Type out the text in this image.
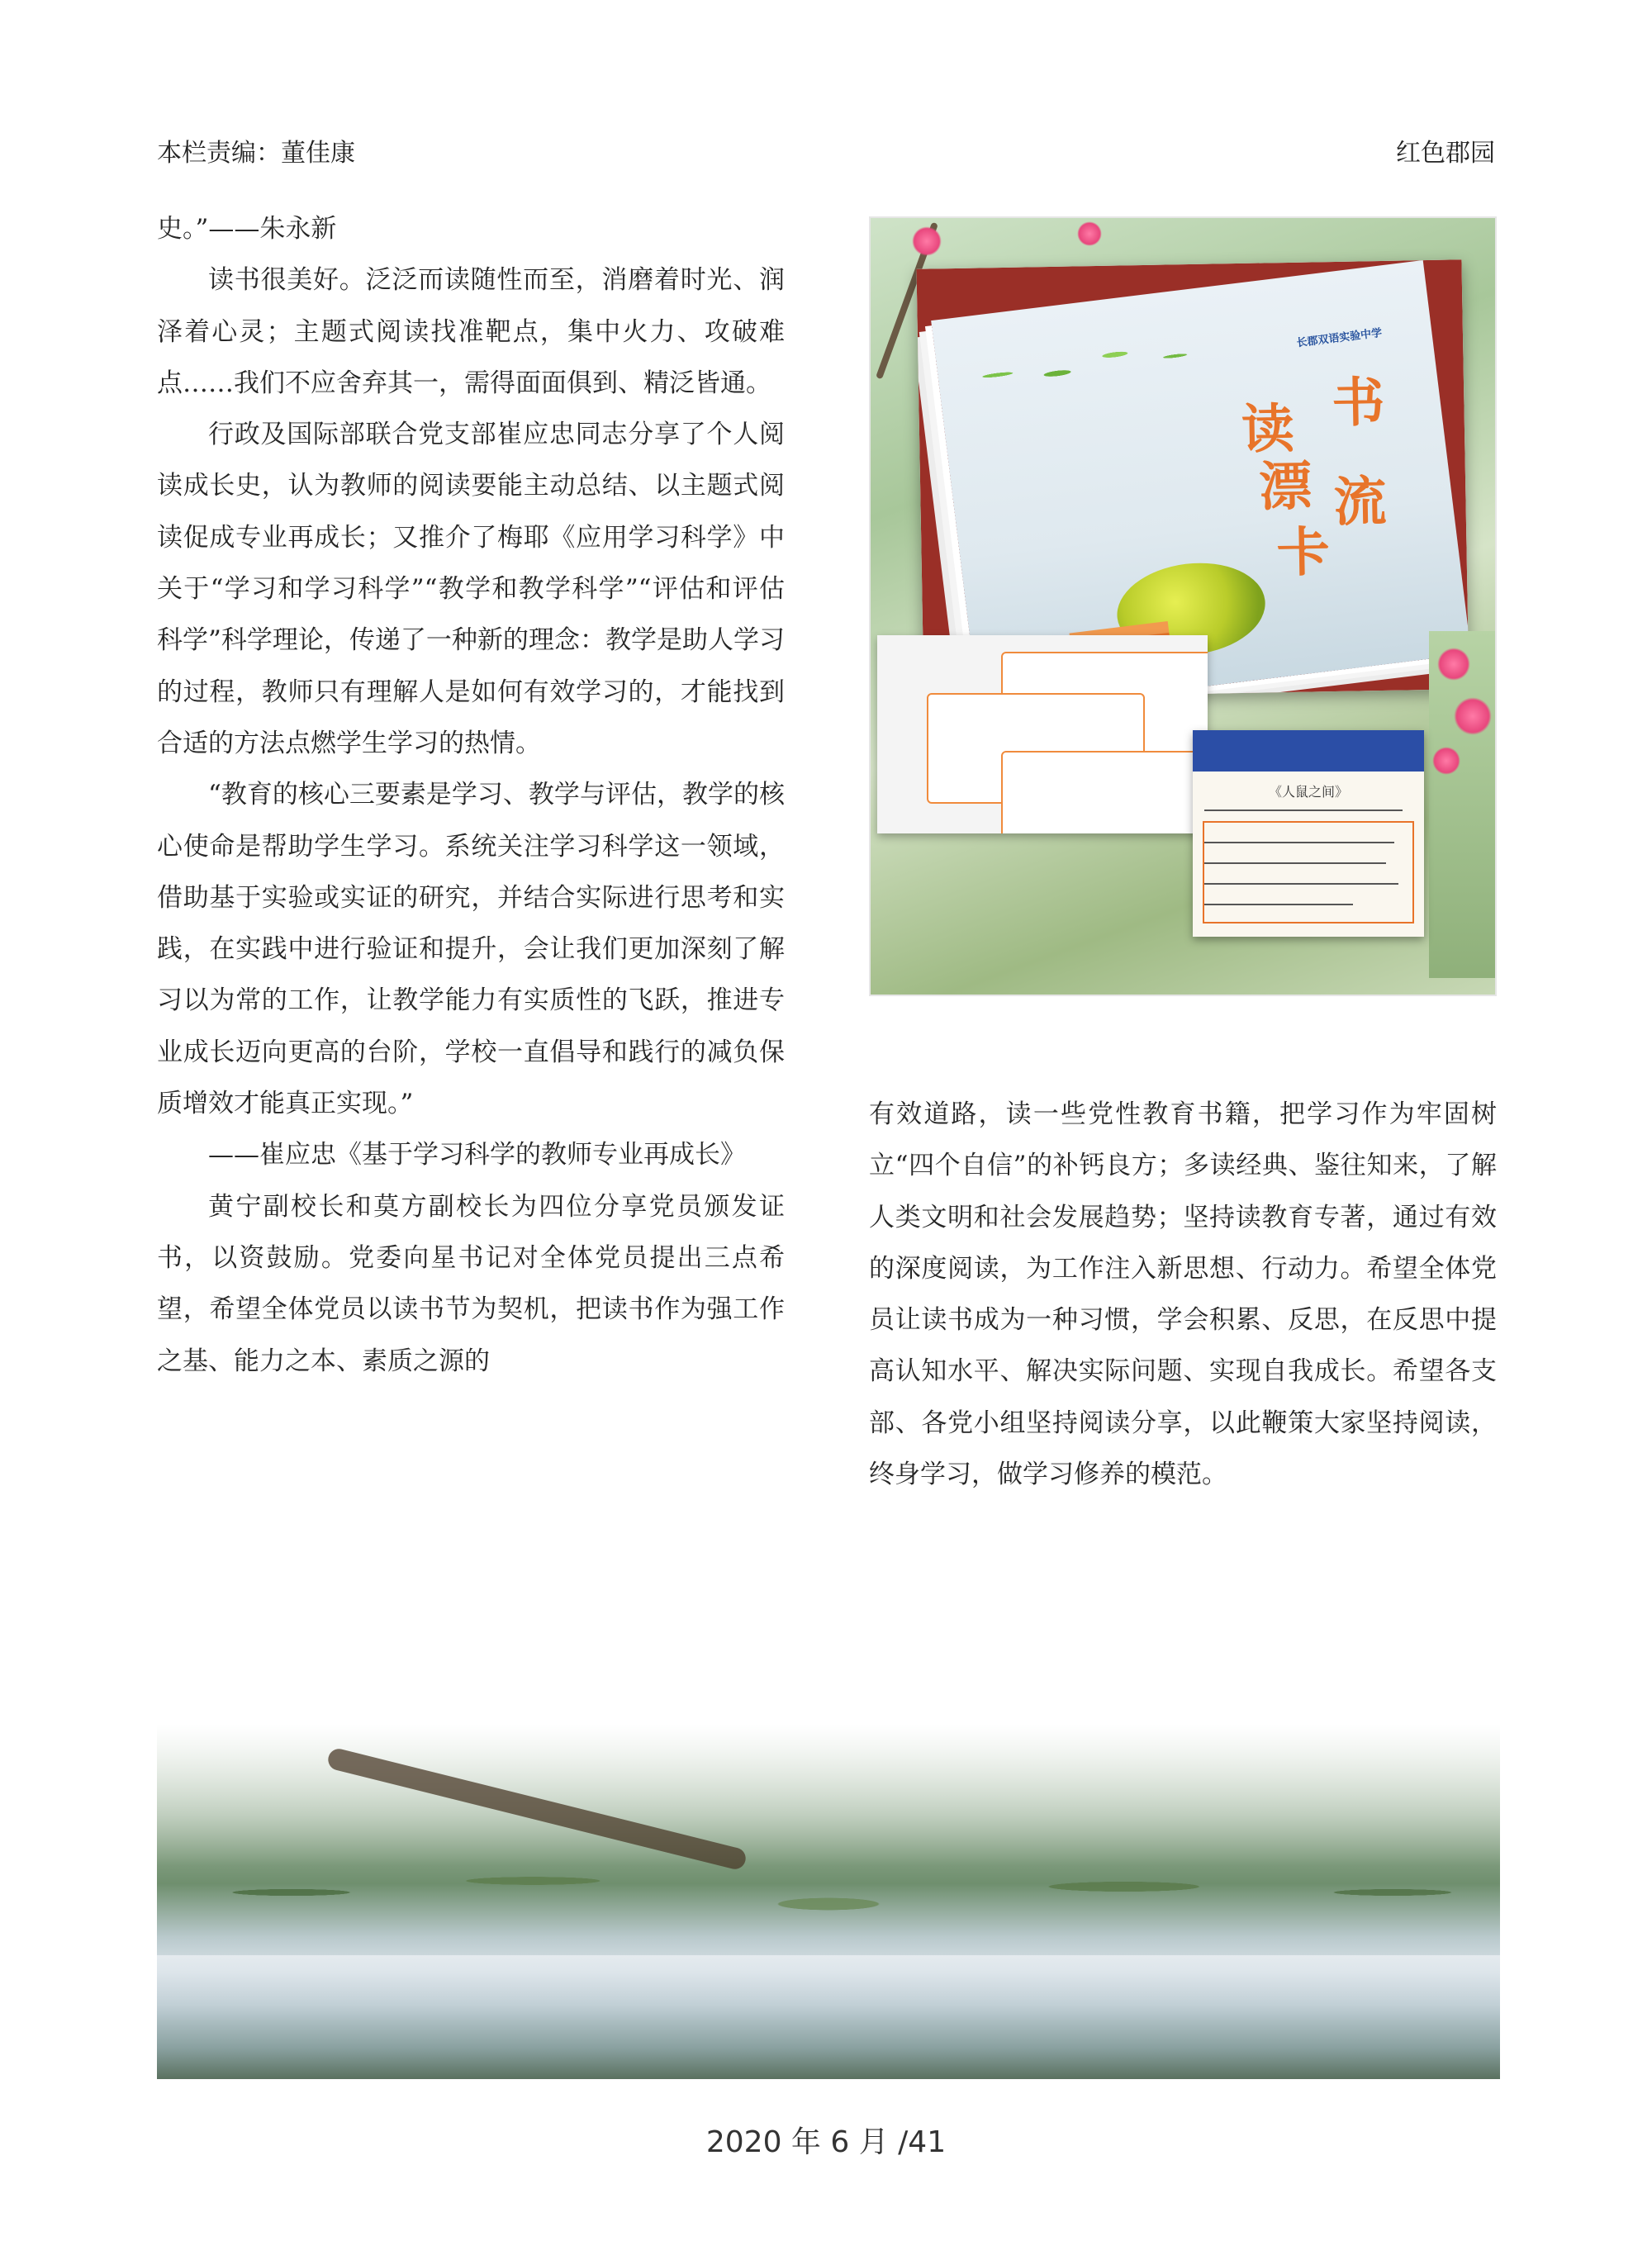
本栏责编：董佳康	红色郡园

史。”——朱永新

读书很美好。泛泛而读随性而至，消磨着时光、润泽着心灵；主题式阅读找准靶点，集中火力、攻破难点……我们不应舍弃其一，需得面面俱到、精泛皆通。

行政及国际部联合党支部崔应忠同志分享了个人阅读成长史，认为教师的阅读要能主动总结、以主题式阅读促成专业再成长；又推介了梅耶《应用学习科学》中关于“学习和学习科学”“教学和教学科学”“评估和评估科学”科学理论，传递了一种新的理念：教学是助人学习的过程，教师只有理解人是如何有效学习的，才能找到合适的方法点燃学生学习的热情。

“教育的核心三要素是学习、教学与评估，教学的核心使命是帮助学生学习。系统关注学习科学这一领域，借助基于实验或实证的研究，并结合实际进行思考和实践，在实践中进行验证和提升，会让我们更加深刻了解习以为常的工作，让教学能力有实质性的飞跃，推进专业成长迈向更高的台阶，学校一直倡导和践行的减负保质增效才能真正实现。”

——崔应忠《基于学习科学的教师专业再成长》

黄宁副校长和莫方副校长为四位分享党员颁发证书，以资鼓励。党委向星书记对全体党员提出三点希望，希望全体党员以读书节为契机，把读书作为强工作之基、能力之本、素质之源的

长郡双语实验中学
读 书
漂 流
卡
《人鼠之间》

有效道路，读一些党性教育书籍，把学习作为牢固树立“四个自信”的补钙良方；多读经典、鉴往知来，了解人类文明和社会发展趋势；坚持读教育专著，通过有效的深度阅读，为工作注入新思想、行动力。希望全体党员让读书成为一种习惯，学会积累、反思，在反思中提高认知水平、解决实际问题、实现自我成长。希望各支部、各党小组坚持阅读分享，以此鞭策大家坚持阅读，终身学习，做学习修养的模范。

2020 年 6 月 /41
